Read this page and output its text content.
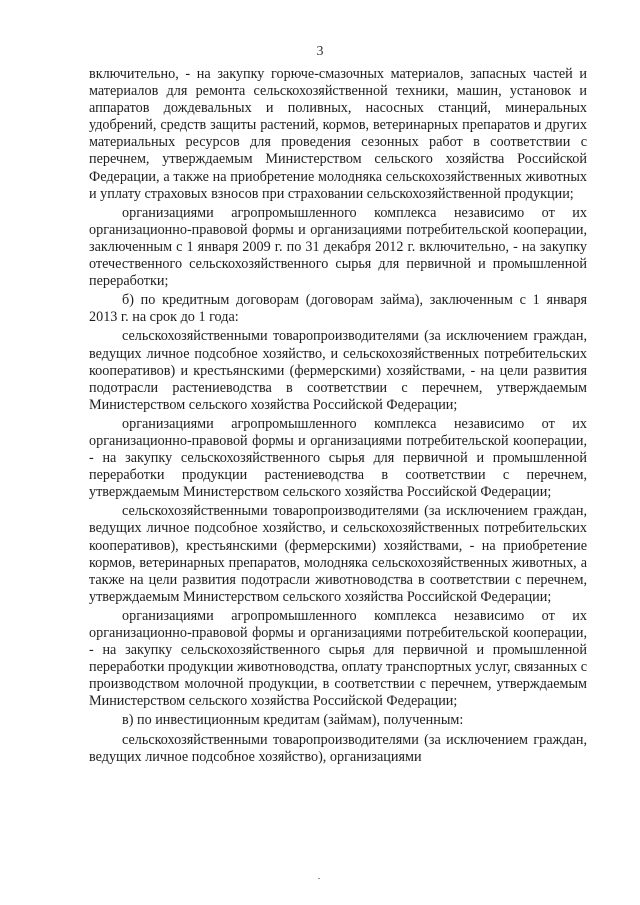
3

включительно, - на закупку горюче-смазочных материалов, запасных частей и материалов для ремонта сельскохозяйственной техники, машин, установок и аппаратов дождевальных и поливных, насосных станций, минеральных удобрений, средств защиты растений, кормов, ветеринарных препаратов и других материальных ресурсов для проведения сезонных работ в соответствии с перечнем, утверждаемым Министерством сельского хозяйства Российской Федерации, а также на приобретение молодняка сельскохозяйственных животных и уплату страховых взносов при страховании сельскохозяйственной продукции;

организациями агропромышленного комплекса независимо от их организационно-правовой формы и организациями потребительской кооперации, заключенным с 1 января 2009 г. по 31 декабря 2012 г. включительно, - на закупку отечественного сельскохозяйственного сырья для первичной и промышленной переработки;

б) по кредитным договорам (договорам займа), заключенным с 1 января 2013 г. на срок до 1 года:

сельскохозяйственными товаропроизводителями (за исключением граждан, ведущих личное подсобное хозяйство, и сельскохозяйственных потребительских кооперативов) и крестьянскими (фермерскими) хозяйствами, - на цели развития подотрасли растениеводства в соответствии с перечнем, утверждаемым Министерством сельского хозяйства Российской Федерации;

организациями агропромышленного комплекса независимо от их организационно-правовой формы и организациями потребительской кооперации, - на закупку сельскохозяйственного сырья для первичной и промышленной переработки продукции растениеводства в соответствии с перечнем, утверждаемым Министерством сельского хозяйства Российской Федерации;

сельскохозяйственными товаропроизводителями (за исключением граждан, ведущих личное подсобное хозяйство, и сельскохозяйственных потребительских кооперативов), крестьянскими (фермерскими) хозяйствами, - на приобретение кормов, ветеринарных препаратов, молодняка сельскохозяйственных животных, а также на цели развития подотрасли животноводства в соответствии с перечнем, утверждаемым Министерством сельского хозяйства Российской Федерации;

организациями агропромышленного комплекса независимо от их организационно-правовой формы и организациями потребительской кооперации, - на закупку сельскохозяйственного сырья для первичной и промышленной переработки продукции животноводства, оплату транспортных услуг, связанных с производством молочной продукции, в соответствии с перечнем, утверждаемым Министерством сельского хозяйства Российской Федерации;

в) по инвестиционным кредитам (займам), полученным:

сельскохозяйственными товаропроизводителями (за исключением граждан, ведущих личное подсобное хозяйство), организациями
